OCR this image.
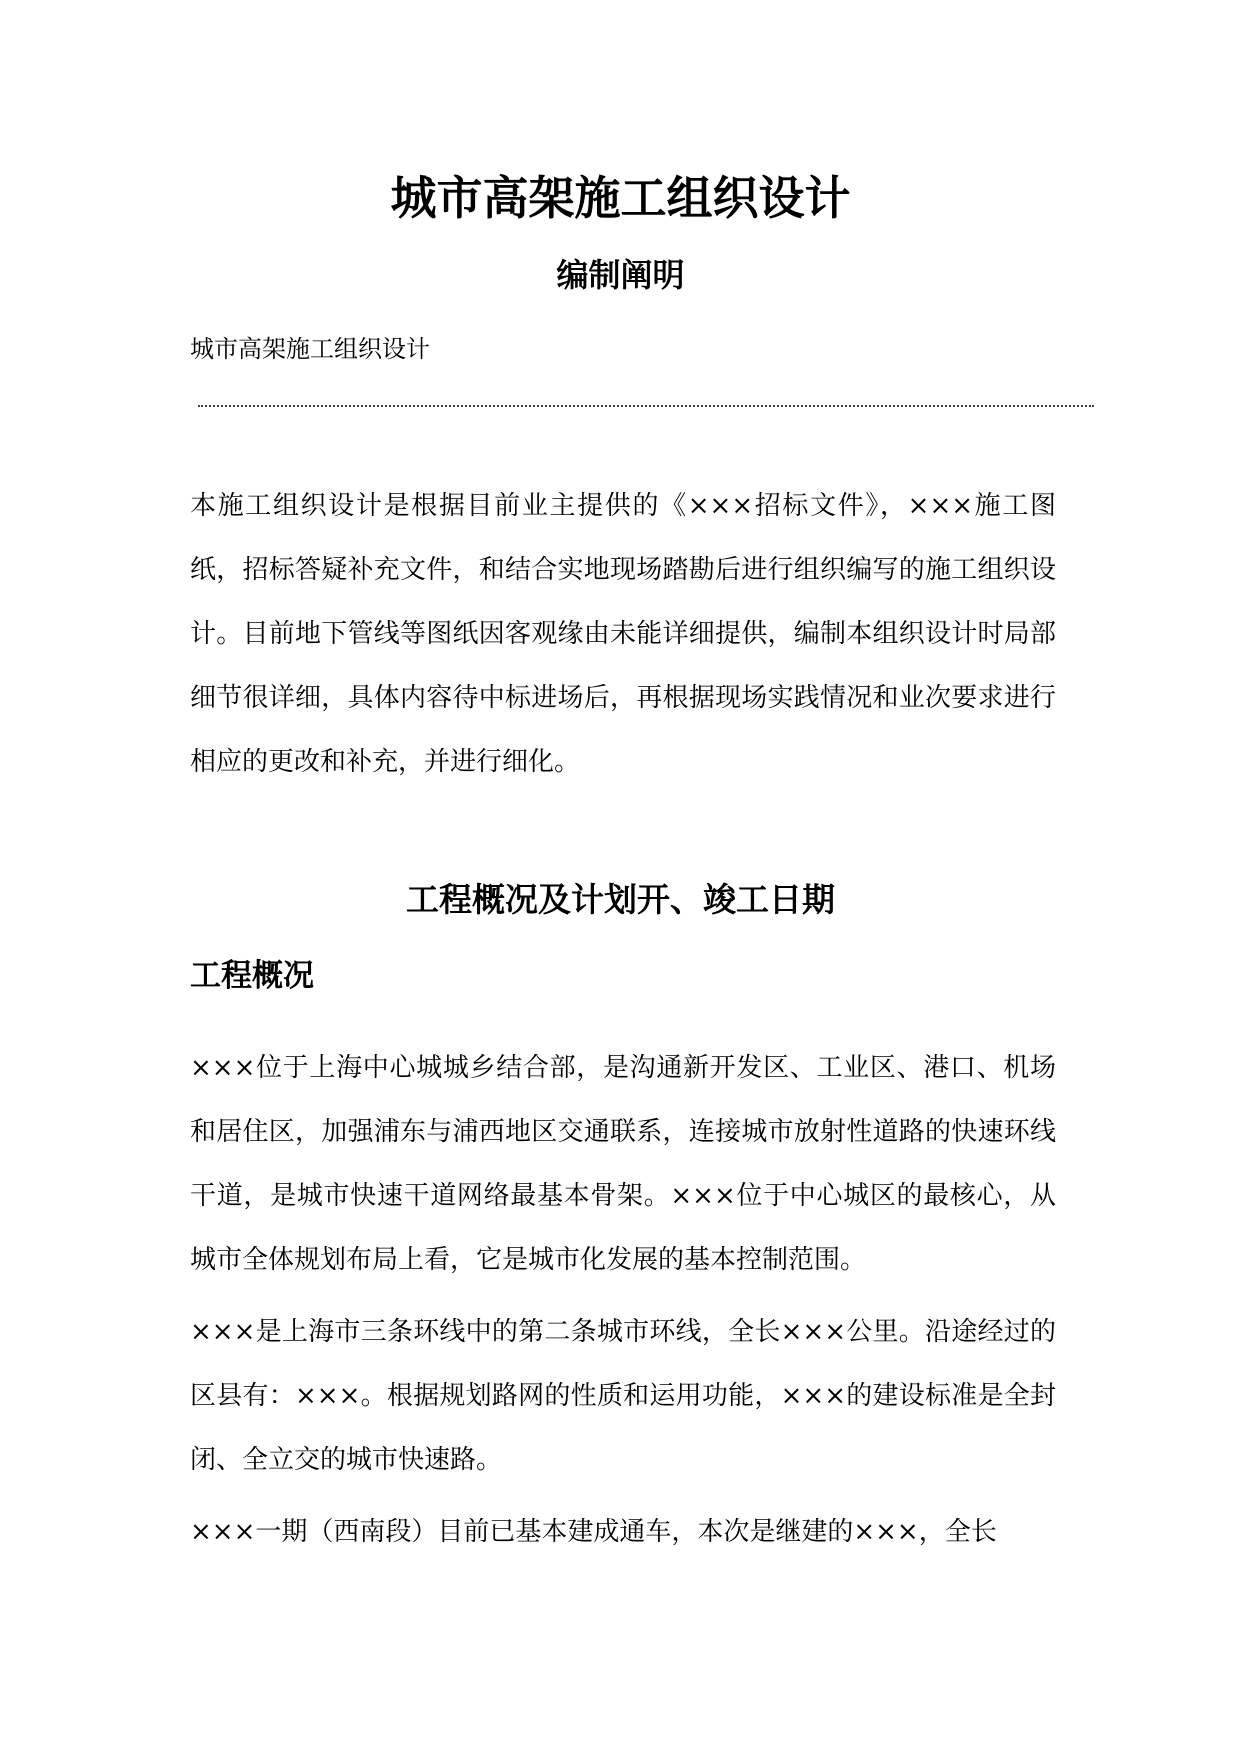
城市高架施工组织设计
编制阐明

城市高架施工组织设计

本施工组织设计是根据目前业主提供的《×××招标文件》，×××施工图纸，招标答疑补充文件，和结合实地现场踏勘后进行组织编写的施工组织设计。目前地下管线等图纸因客观缘由未能详细提供，编制本组织设计时局部细节很详细，具体内容待中标进场后，再根据现场实践情况和业次要求进行相应的更改和补充，并进行细化。

工程概况及计划开、竣工日期
工程概况

×××位于上海中心城城乡结合部，是沟通新开发区、工业区、港口、机场和居住区，加强浦东与浦西地区交通联系，连接城市放射性道路的快速环线干道，是城市快速干道网络最基本骨架。×××位于中心城区的最核心，从城市全体规划布局上看，它是城市化发展的基本控制范围。

×××是上海市三条环线中的第二条城市环线，全长×××公里。沿途经过的区县有：×××。根据规划路网的性质和运用功能，×××的建设标准是全封闭、全立交的城市快速路。

×××一期（西南段）目前已基本建成通车，本次是继建的×××，全长
